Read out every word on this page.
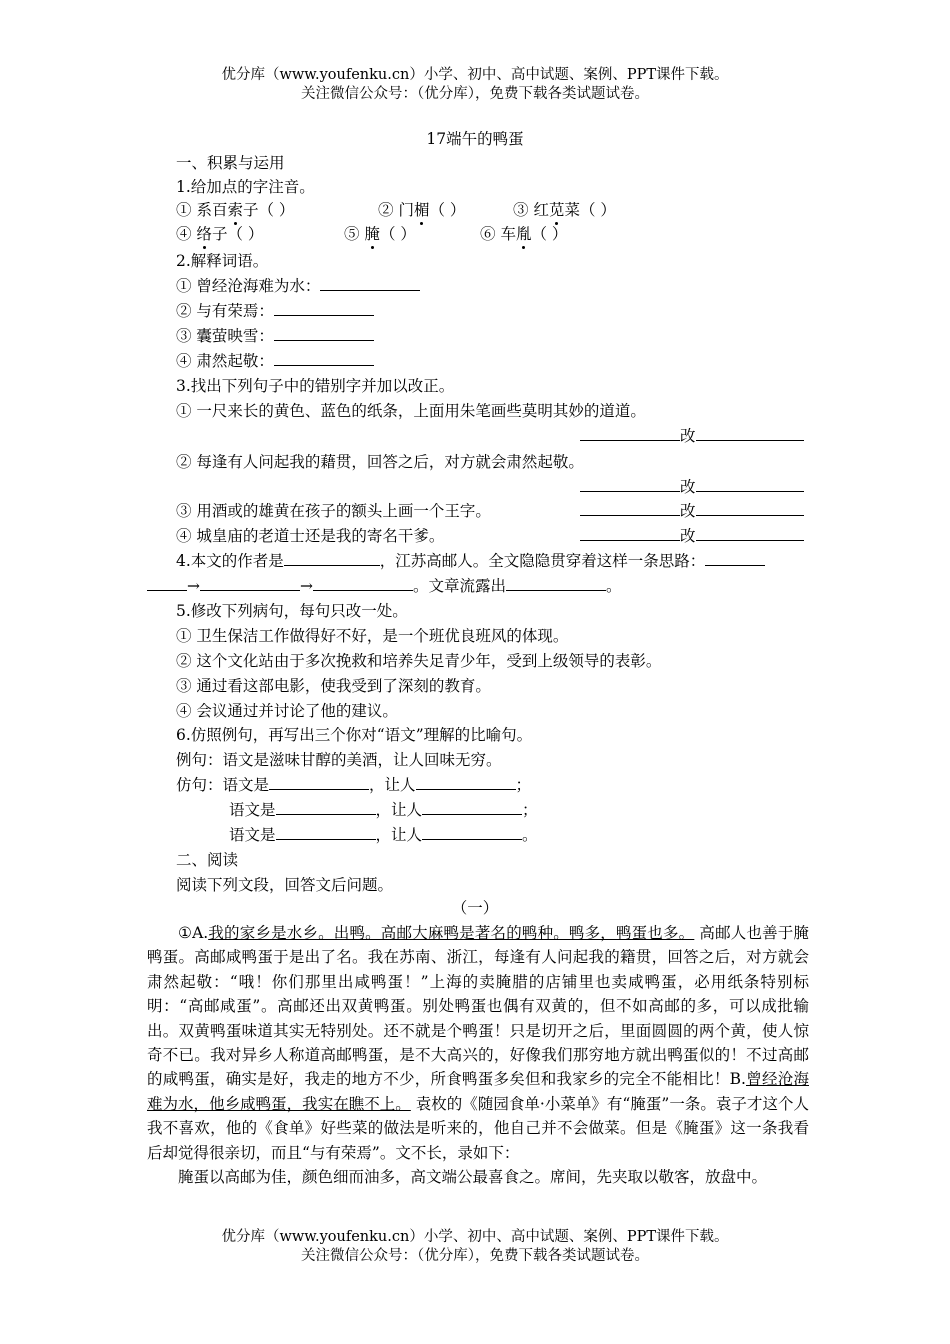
优分库（www.youfenku.cn）小学、初中、高中试题、案例、PPT课件下载。
关注微信公众号：（优分库），免费下载各类试题试卷。
17端午的鸭蛋
一、积累与运用
1.给加点的字注音。
① 系百索子（ ）	② 门楣（ ）	③ 红苋菜（ ）
④ 络子（ ）	⑤ 腌（ ）	⑥ 车胤（ ）
2.解释词语。
① 曾经沧海难为水：
② 与有荣焉：
③ 囊萤映雪：
④ 肃然起敬：
3.找出下列句子中的错别字并加以改正。
① 一尺来长的黄色、蓝色的纸条，上面用朱笔画些莫明其妙的道道。
改
② 每逢有人问起我的藉贯，回答之后，对方就会肃然起敬。
改
③ 用酒或的雄黄在孩子的额头上画一个王字。	改
④ 城皇庙的老道士还是我的寄名干爹。	改
4.本文的作者是	，江苏高邮人。全文隐隐贯穿着这样一条思路：
→	→	。文章流露出	。
5.修改下列病句，每句只改一处。
① 卫生保洁工作做得好不好，是一个班优良班风的体现。
② 这个文化站由于多次挽救和培养失足青少年，受到上级领导的表彰。
③ 通过看这部电影，使我受到了深刻的教育。
④ 会议通过并讨论了他的建议。
6.仿照例句，再写出三个你对“语文”理解的比喻句。
例句：语文是滋味甘醇的美酒，让人回味无穷。
仿句：语文是	，让人	；
语文是	，让人	；
语文是	，让人	。
二、阅读
阅读下列文段，回答文后问题。
（一）

①A.我的家乡是水乡。出鸭。高邮大麻鸭是著名的鸭种。鸭多，鸭蛋也多。 高邮人也善于腌鸭蛋。高邮咸鸭蛋于是出了名。我在苏南、浙江，每逢有人问起我的籍贯，回答之后，对方就会肃然起敬：“哦！你们那里出咸鸭蛋！”上海的卖腌腊的店铺里也卖咸鸭蛋，必用纸条特别标明：“高邮咸蛋”。高邮还出双黄鸭蛋。别处鸭蛋也偶有双黄的，但不如高邮的多，可以成批输出。双黄鸭蛋味道其实无特别处。还不就是个鸭蛋！只是切开之后，里面圆圆的两个黄，使人惊奇不已。我对异乡人称道高邮鸭蛋，是不大高兴的，好像我们那穷地方就出鸭蛋似的！不过高邮的咸鸭蛋，确实是好，我走的地方不少，所食鸭蛋多矣但和我家乡的完全不能相比！B.曾经沧海难为水，他乡咸鸭蛋，我实在瞧不上。 袁枚的《随园食单·小菜单》有“腌蛋”一条。袁子才这个人我不喜欢，他的《食单》好些菜的做法是听来的，他自己并不会做菜。但是《腌蛋》这一条我看后却觉得很亲切，而且“与有荣焉”。文不长，录如下：

腌蛋以高邮为佳，颜色细而油多，高文端公最喜食之。席间，先夹取以敬客，放盘中。

优分库（www.youfenku.cn）小学、初中、高中试题、案例、PPT课件下载。
关注微信公众号：（优分库），免费下载各类试题试卷。
